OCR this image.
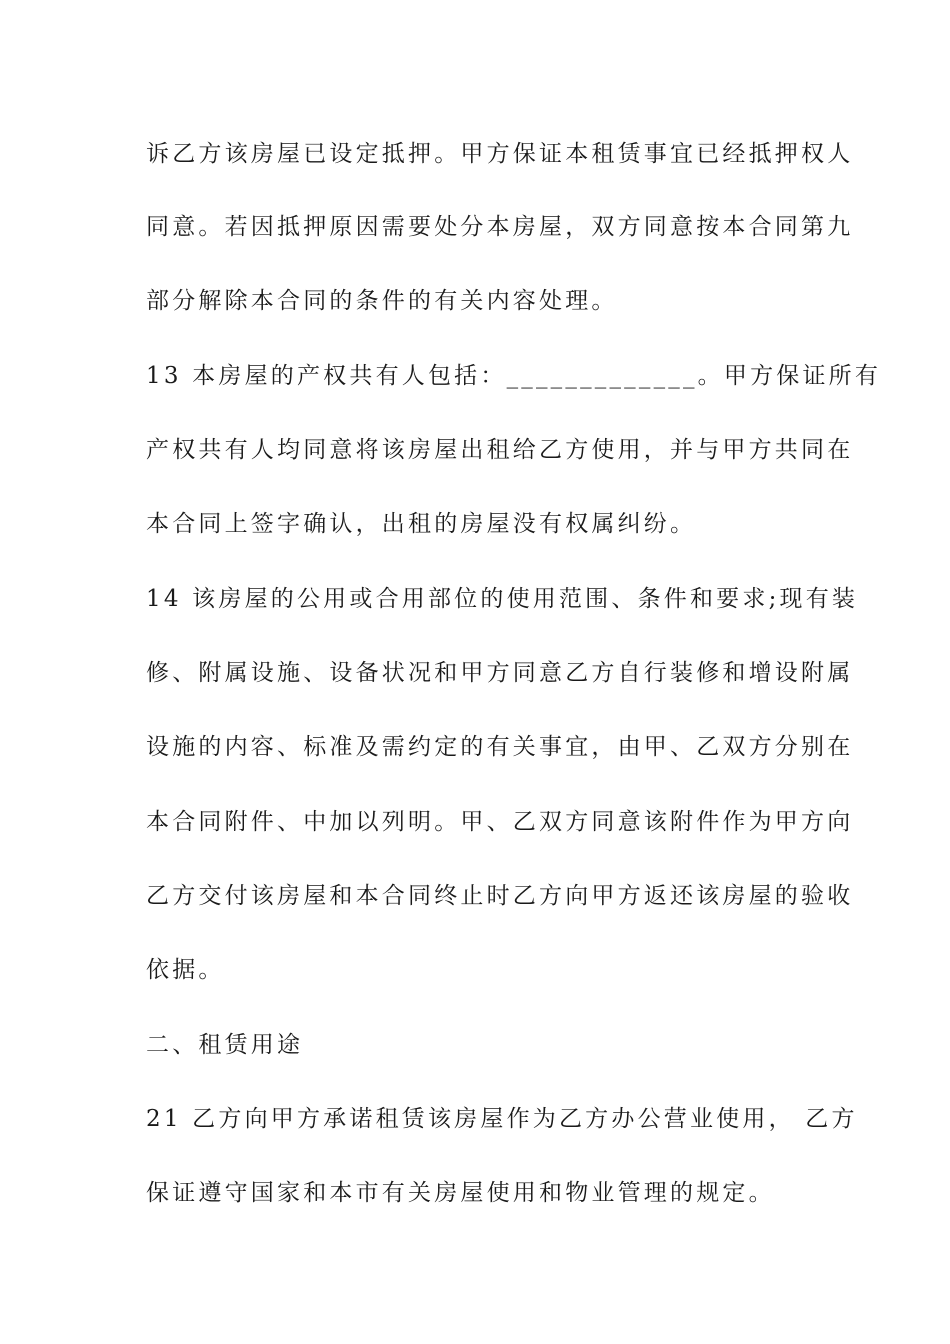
诉乙方该房屋已设定抵押。甲方保证本租赁事宜已经抵押权人
同意。若因抵押原因需要处分本房屋，双方同意按本合同第九
部分解除本合同的条件的有关内容处理。
13 本房屋的产权共有人包括：_____________。甲方保证所有
产权共有人均同意将该房屋出租给乙方使用，并与甲方共同在
本合同上签字确认，出租的房屋没有权属纠纷。
14 该房屋的公用或合用部位的使用范围、条件和要求;现有装
修、附属设施、设备状况和甲方同意乙方自行装修和增设附属
设施的内容、标准及需约定的有关事宜，由甲、乙双方分别在
本合同附件、中加以列明。甲、乙双方同意该附件作为甲方向
乙方交付该房屋和本合同终止时乙方向甲方返还该房屋的验收
依据。
二、租赁用途
21 乙方向甲方承诺租赁该房屋作为乙方办公营业使用， 乙方
保证遵守国家和本市有关房屋使用和物业管理的规定。
